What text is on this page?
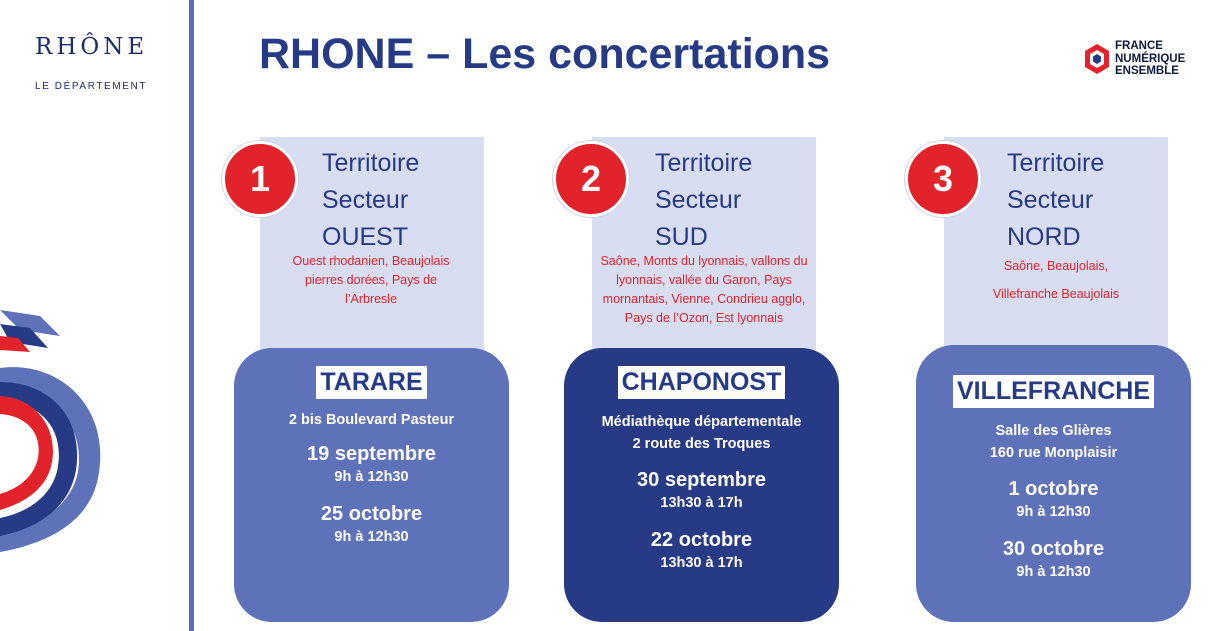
RHÔNE
LE DÉPARTEMENT
RHONE – Les concertations	FRANCE
NUMÉRIQUE
ENSEMBLE
1	Territoire
Secteur
OUEST
Ouest rhodanien, Beaujolais pierres dorées, Pays de l’Arbresle
TARARE
2 bis Boulevard Pasteur
19 septembre
9h à 12h30
25 octobre
9h à 12h30
2	Territoire
Secteur
SUD
Saône, Monts du lyonnais, vallons du lyonnais, vallée du Garon, Pays mornantais, Vienne, Condrieu agglo, Pays de l’Ozon, Est lyonnais
CHAPONOST
Médiathèque départementale
2 route des Troques
30 septembre
13h30 à 17h
22 octobre
13h30 à 17h
3	Territoire
Secteur
NORD
Saône, Beaujolais,
Villefranche Beaujolais
VILLEFRANCHE
Salle des Glières
160 rue Monplaisir
1 octobre
9h à 12h30
30 octobre
9h à 12h30
